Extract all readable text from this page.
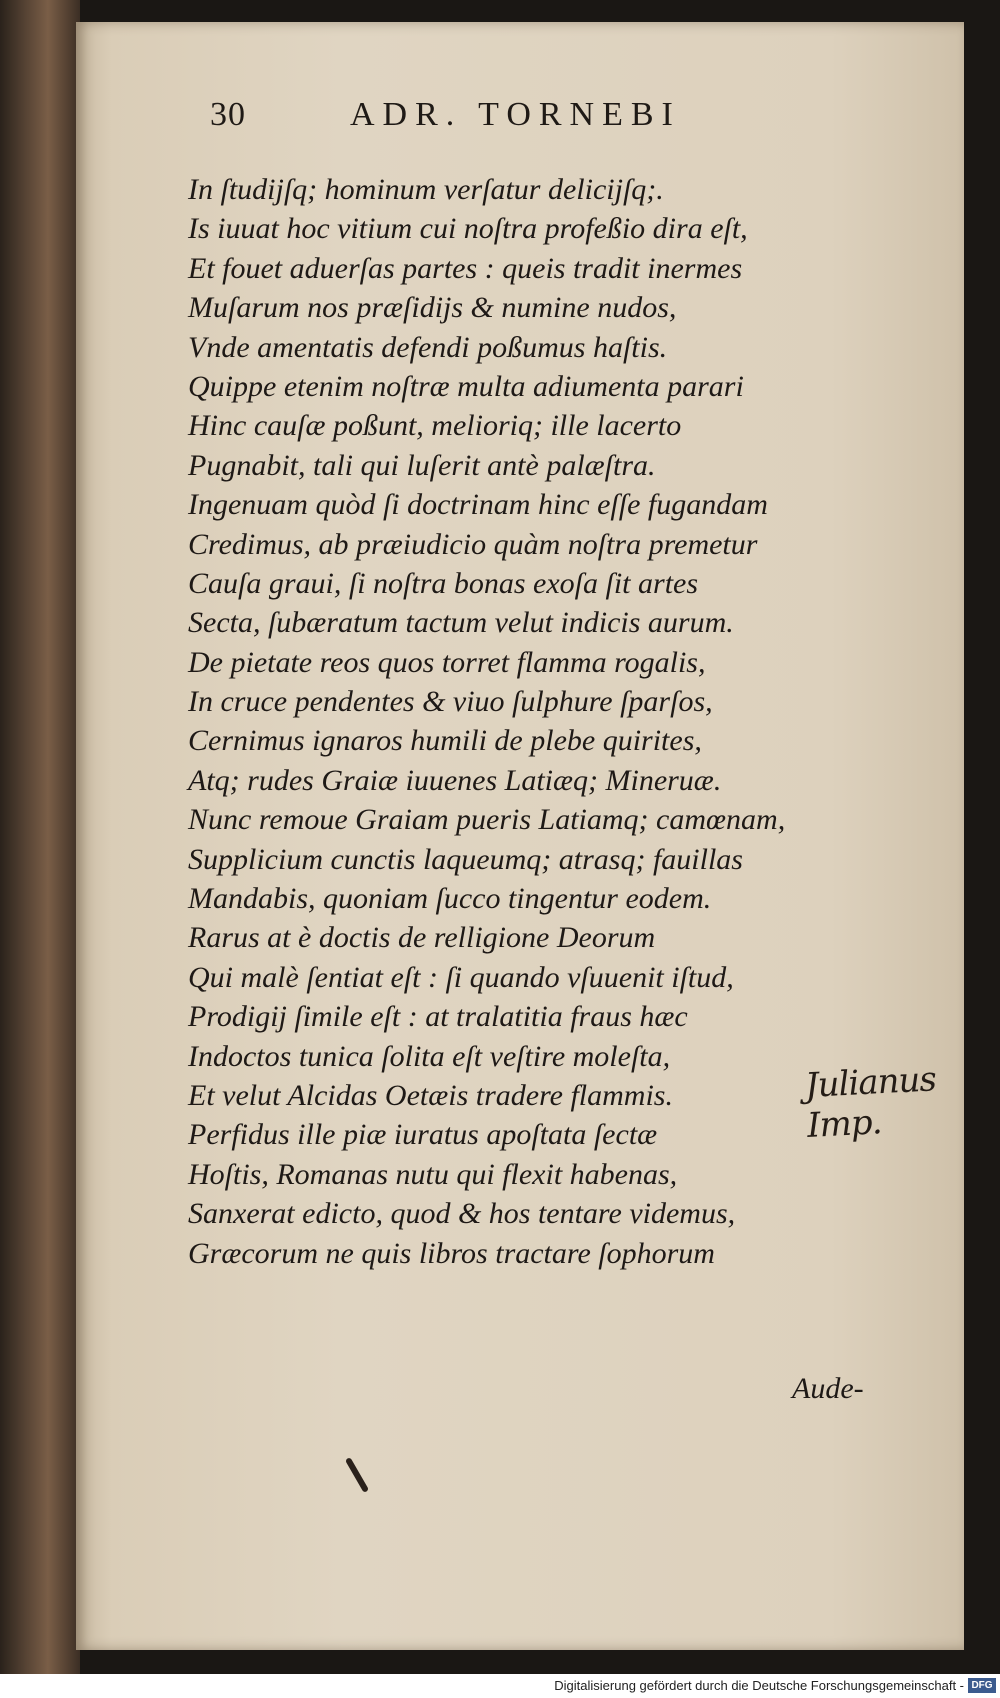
30	ADR. TORNEBI
In ſtudijſq; hominum verſatur delicijſq;.
Is iuuat hoc vitium cui noſtra profeßio dira eſt,
Et fouet aduerſas partes : queis tradit inermes
Muſarum nos præſidijs & numine nudos,
Vnde amentatis defendi poßumus haſtis.
Quippe etenim noſtræ multa adiumenta parari
Hinc cauſæ poßunt, melioriq; ille lacerto
Pugnabit, tali qui luſerit antè palæſtra.
Ingenuam quòd ſi doctrinam hinc eſſe fugandam
Credimus, ab præiudicio quàm noſtra premetur
Cauſa graui, ſi noſtra bonas exoſa ſit artes
Secta, ſubæratum tactum velut indicis aurum.
De pietate reos quos torret flamma rogalis,
In cruce pendentes & viuo ſulphure ſparſos,
Cernimus ignaros humili de plebe quirites,
Atq; rudes Graiæ iuuenes Latiæq; Mineruæ.
Nunc remoue Graiam pueris Latiamq; camœnam,
Supplicium cunctis laqueumq; atrasq; fauillas
Mandabis, quoniam ſucco tingentur eodem.
Rarus at è doctis de relligione Deorum
Qui malè ſentiat eſt : ſi quando vſuuenit iſtud,
Prodigij ſimile eſt : at tralatitia fraus hæc
Indoctos tunica ſolita eſt veſtire moleſta,
Et velut Alcidas Oetæis tradere flammis.
Perfidus ille piæ iuratus apoſtata ſectæ
Hoſtis, Romanas nutu qui flexit habenas,
Sanxerat edicto, quod & hos tentare videmus,
Græcorum ne quis libros tractare ſophorum
Julianus Imp.
Aude-
Digitalisierung gefördert durch die Deutsche Forschungsgemeinschaft - DFG
